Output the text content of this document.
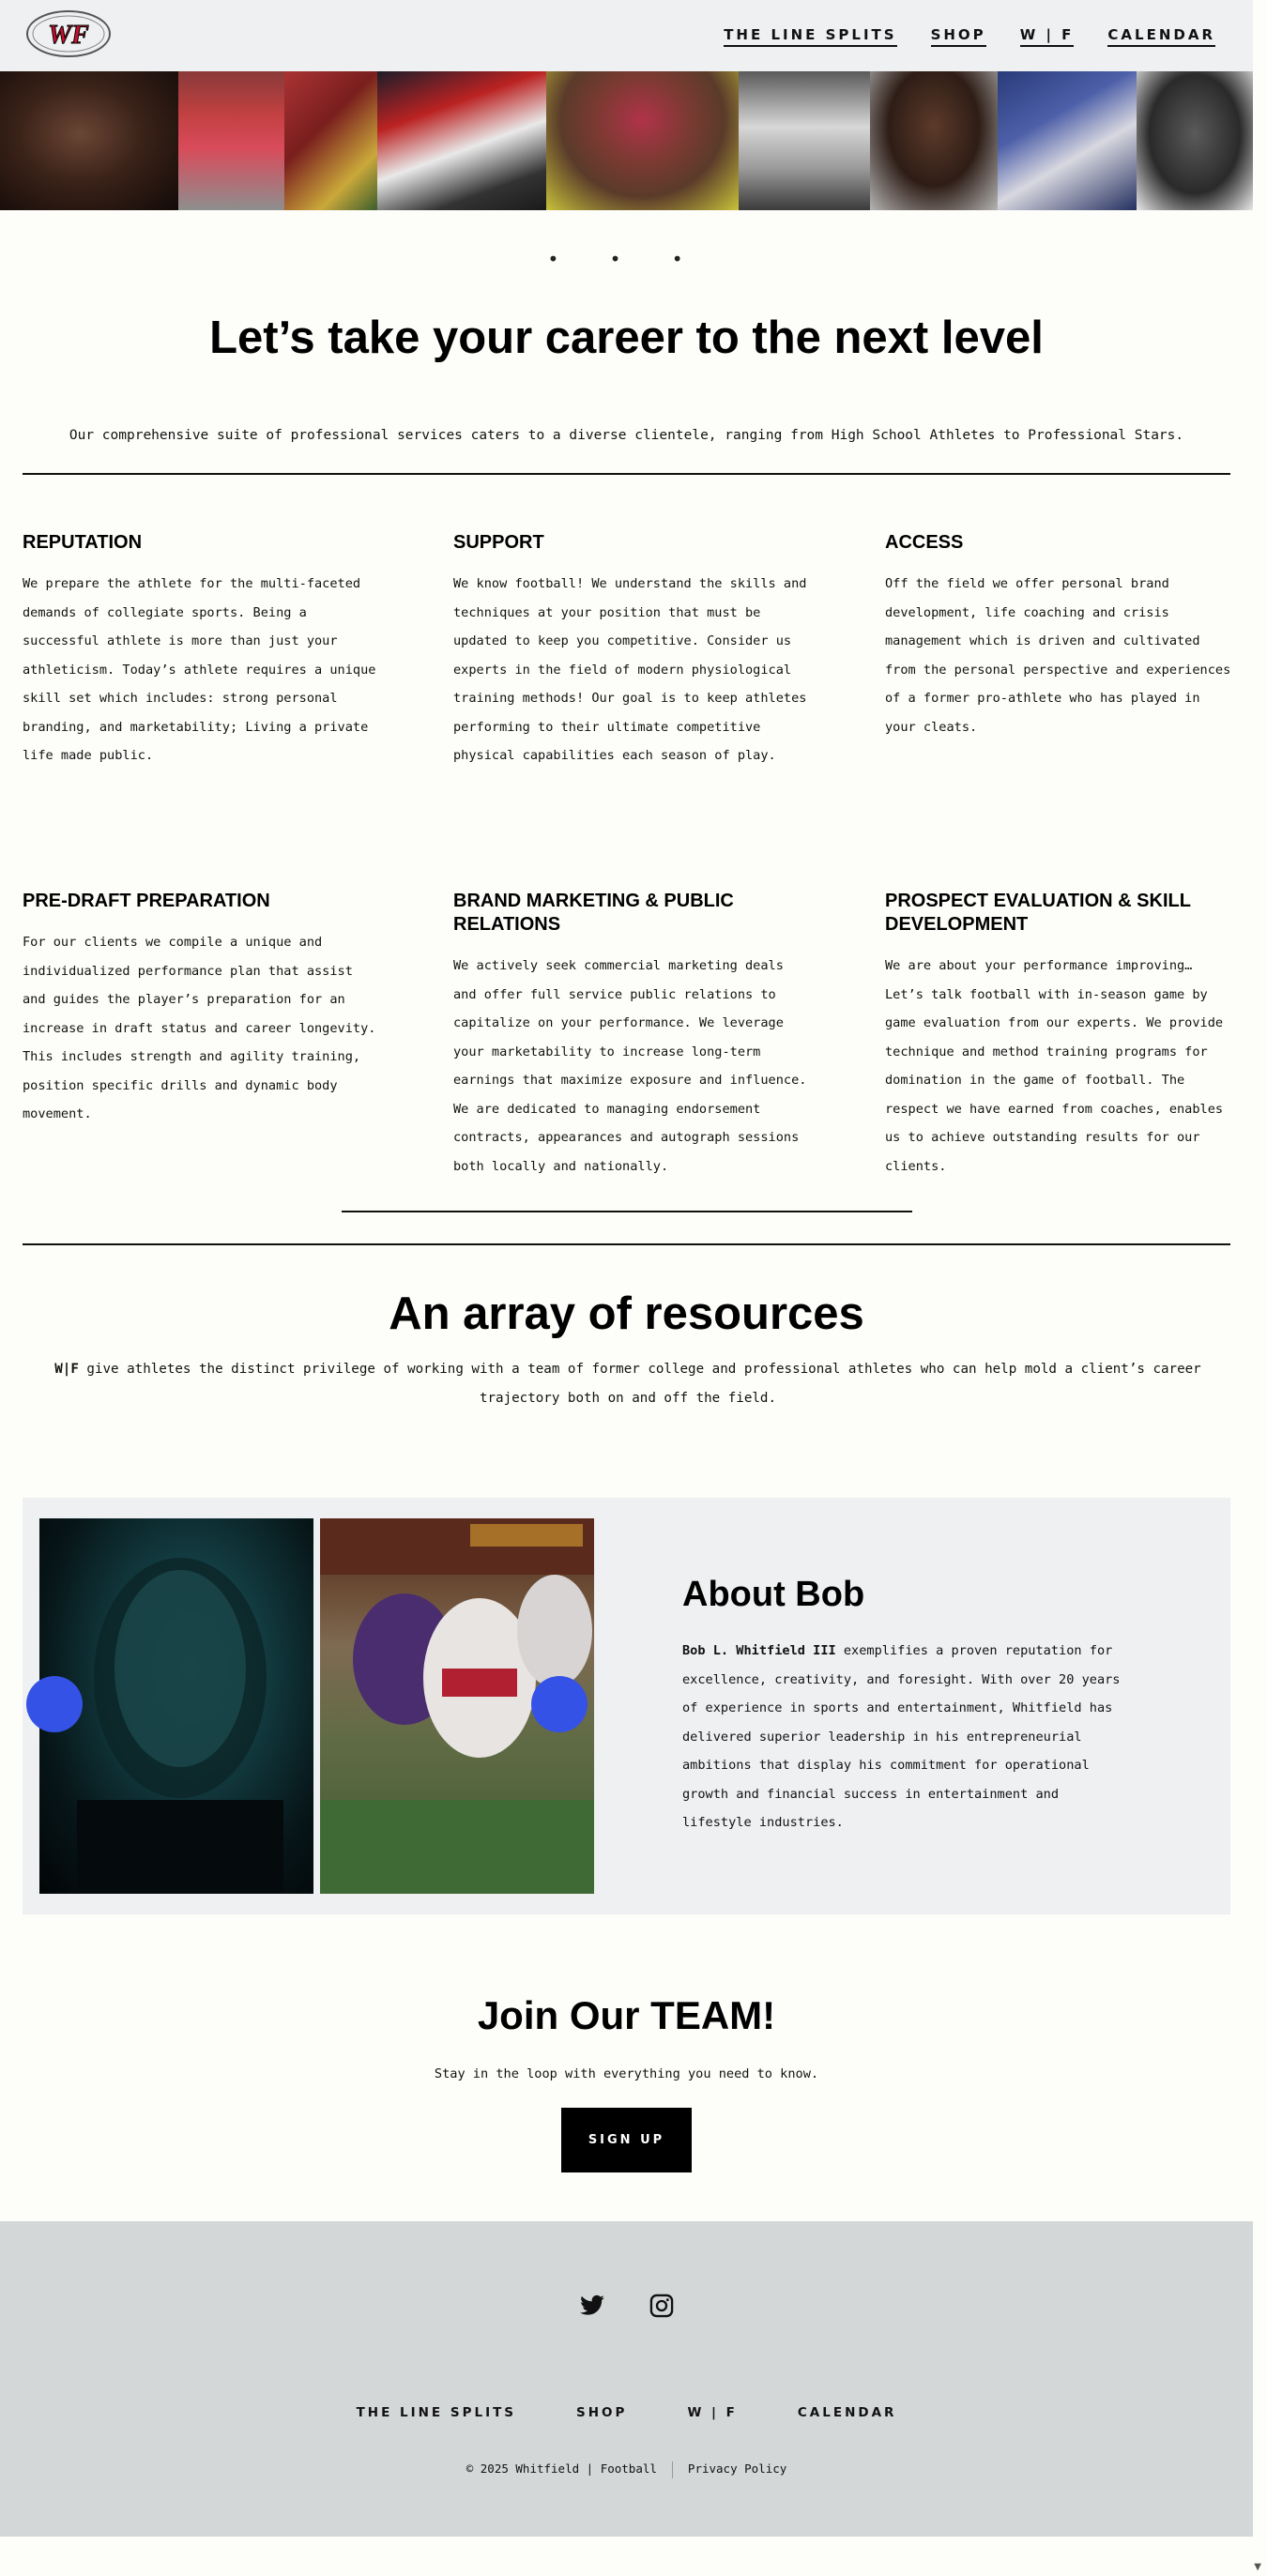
WF	THE LINE SPLITS SHOP W | F CALENDAR
• • •
Let’s take your career to the next level

Our comprehensive suite of professional services caters to a diverse clientele, ranging from High School Athletes to Professional Stars.

REPUTATION

We prepare the athlete for the multi-faceted demands of collegiate sports. Being a successful athlete is more than just your athleticism. Today’s athlete requires a unique skill set which includes: strong personal branding, and marketability; Living a private life made public.

SUPPORT

We know football! We understand the skills and techniques at your position that must be updated to keep you competitive. Consider us experts in the field of modern physiological training methods! Our goal is to keep athletes performing to their ultimate competitive physical capabilities each season of play.

ACCESS

Off the field we offer personal brand development, life coaching and crisis management which is driven and cultivated from the personal perspective and experiences of a former pro-athlete who has played in your cleats.

PRE-DRAFT PREPARATION

For our clients we compile a unique and individualized performance plan that assist and guides the player’s preparation for an increase in draft status and career longevity. This includes strength and agility training, position specific drills and dynamic body movement.

BRAND MARKETING & PUBLIC RELATIONS

We actively seek commercial marketing deals and offer full service public relations to capitalize on your performance. We leverage your marketability to increase long-term earnings that maximize exposure and influence. We are dedicated to managing endorsement contracts, appearances and autograph sessions both locally and nationally.

PROSPECT EVALUATION & SKILL DEVELOPMENT

We are about your performance improving… Let’s talk football with in-season game by game evaluation from our experts. We provide technique and method training programs for domination in the game of football. The respect we have earned from coaches, enables us to achieve outstanding results for our clients.

An array of resources

W|F give athletes the distinct privilege of working with a team of former college and professional athletes who can help mold a client’s career trajectory both on and off the field.

About Bob

Bob L. Whitfield III exemplifies a proven reputation for excellence, creativity, and foresight. With over 20 years of experience in sports and entertainment, Whitfield has delivered superior leadership in his entrepreneurial ambitions that display his commitment for operational growth and financial success in entertainment and lifestyle industries.

Join Our TEAM!

Stay in the loop with everything you need to know.

SIGN UP
THE LINE SPLITS	SHOP	W | F	CALENDAR
© 2025 Whitfield | Football	Privacy Policy
▼
